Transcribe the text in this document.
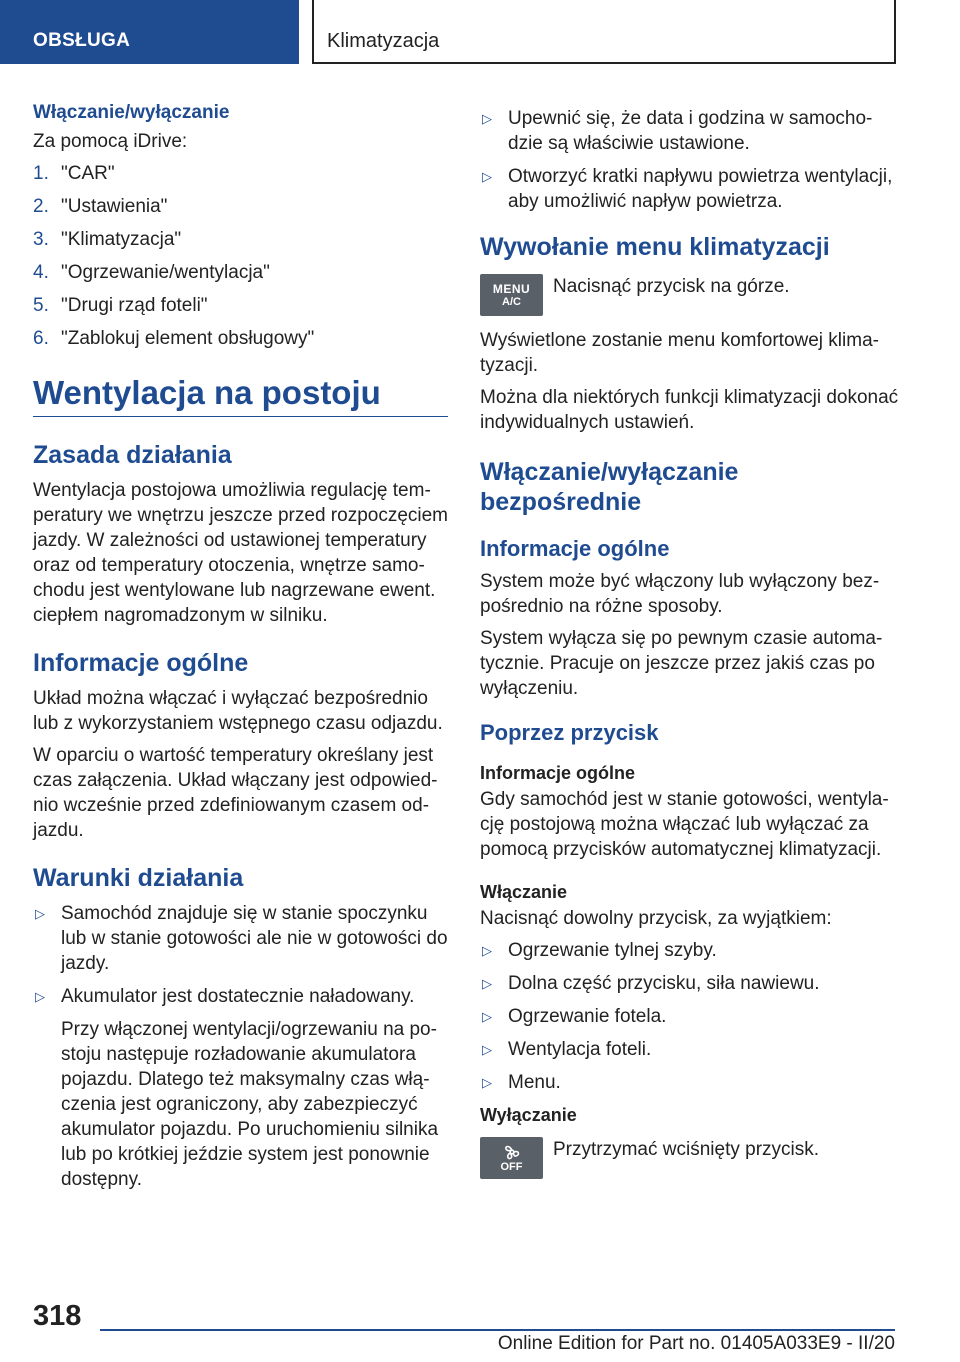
OBSŁUGA	Klimatyzacja
Włączanie/wyłączanie

Za pomocą iDrive:

1. "CAR"
2. "Ustawienia"
3. "Klimatyzacja"
4. "Ogrzewanie/wentylacja"
5. "Drugi rząd foteli"
6. "Zablokuj element obsługowy"
Wentylacja na postoju
Zasada działania

Wentylacja postojowa umożliwia regulację temperatury we wnętrzu jeszcze przed rozpoczęciem jazdy. W zależności od ustawionej temperatury oraz od temperatury otoczenia, wnętrze samochodu jest wentylowane lub nagrzewane ewent. ciepłem nagromadzonym w silniku.

Informacje ogólne

Układ można włączać i wyłączać bezpośrednio lub z wykorzystaniem wstępnego czasu odjazdu.

W oparciu o wartość temperatury określany jest czas załączenia. Układ włączany jest odpowiednio wcześnie przed zdefiniowanym czasem odjazdu.

Warunki działania
▷ Samochód znajduje się w stanie spoczynku lub w stanie gotowości ale nie w gotowości do jazdy.
▷ Akumulator jest dostatecznie naładowany.

Przy włączonej wentylacji/ogrzewaniu na postoju następuje rozładowanie akumulatora pojazdu. Dlatego też maksymalny czas włączenia jest ograniczony, aby zabezpieczyć akumulator pojazdu. Po uruchomieniu silnika lub po krótkiej jeździe system jest ponownie dostępny.

▷ Upewnić się, że data i godzina w samochodzie są właściwie ustawione.
▷ Otworzyć kratki napływu powietrza wentylacji, aby umożliwić napływ powietrza.
Wywołanie menu klimatyzacji
MENU
A/C

Nacisnąć przycisk na górze.

Wyświetlone zostanie menu komfortowej klimatyzacji.

Można dla niektórych funkcji klimatyzacji dokonać indywidualnych ustawień.

Włączanie/wyłączanie bezpośrednie
Informacje ogólne

System może być włączony lub wyłączony bezpośrednio na różne sposoby.

System wyłącza się po pewnym czasie automatycznie. Pracuje on jeszcze przez jakiś czas po wyłączeniu.

Poprzez przycisk
Informacje ogólne

Gdy samochód jest w stanie gotowości, wentylację postojową można włączać lub wyłączać za pomocą przycisków automatycznej klimatyzacji.

Włączanie

Nacisnąć dowolny przycisk, za wyjątkiem:

▷ Ogrzewanie tylnej szyby.
▷ Dolna część przycisku, siła nawiewu.
▷ Ogrzewanie fotela.
▷ Wentylacja foteli.
▷ Menu.
Wyłączanie
OFF

Przytrzymać wciśnięty przycisk.

318
Online Edition for Part no. 01405A033E9 - II/20
